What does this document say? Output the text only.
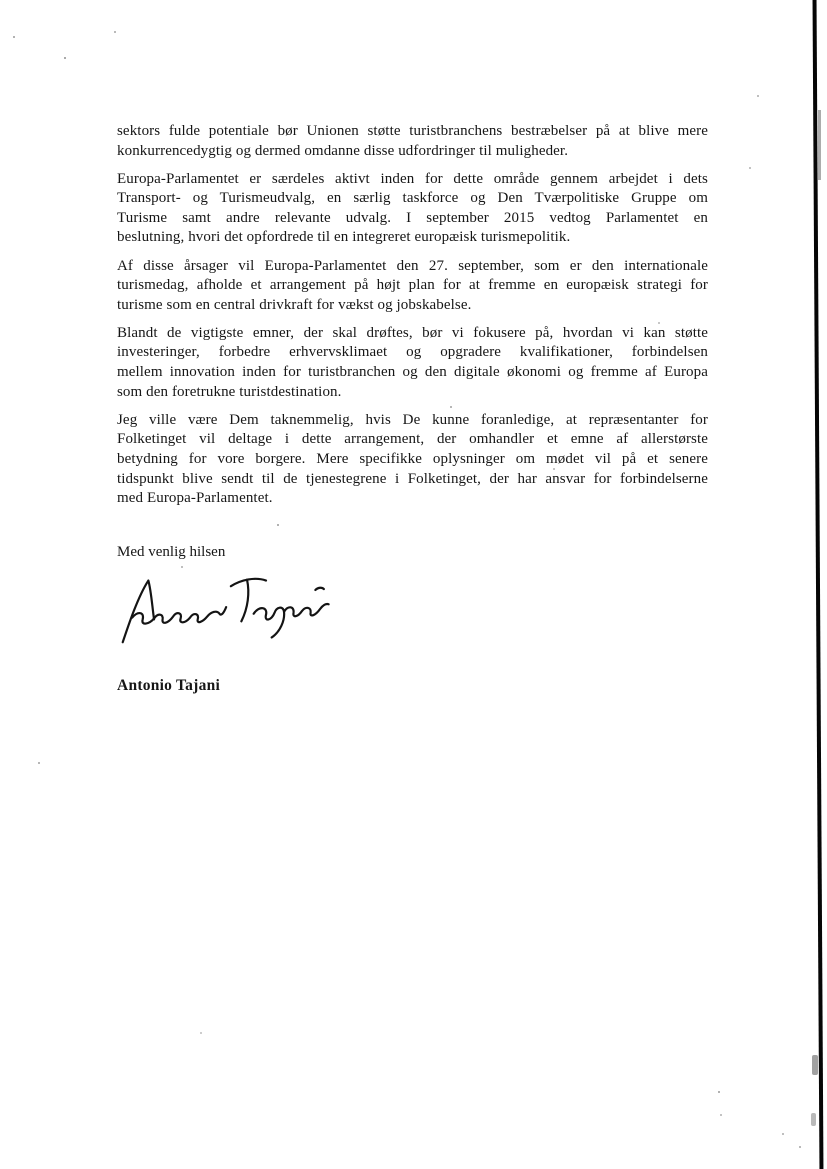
sektors fulde potentiale bør Unionen støtte turistbranchens bestræbelser på at blive mere
konkurrencedygtig og dermed omdanne disse udfordringer til muligheder.
Europa-Parlamentet er særdeles aktivt inden for dette område gennem arbejdet i dets
Transport- og Turismeudvalg, en særlig taskforce og Den Tværpolitiske Gruppe om
Turisme samt andre relevante udvalg. I september 2015 vedtog Parlamentet en
beslutning, hvori det opfordrede til en integreret europæisk turismepolitik.
Af disse årsager vil Europa-Parlamentet den 27. september, som er den internationale
turismedag, afholde et arrangement på højt plan for at fremme en europæisk strategi for
turisme som en central drivkraft for vækst og jobskabelse.
Blandt de vigtigste emner, der skal drøftes, bør vi fokusere på, hvordan vi kan støtte
investeringer, forbedre erhvervsklimaet og opgradere kvalifikationer, forbindelsen
mellem innovation inden for turistbranchen og den digitale økonomi og fremme af Europa
som den foretrukne turistdestination.
Jeg ville være Dem taknemmelig, hvis De kunne foranledige, at repræsentanter for
Folketinget vil deltage i dette arrangement, der omhandler et emne af allerstørste
betydning for vore borgere. Mere specifikke oplysninger om mødet vil på et senere
tidspunkt blive sendt til de tjenestegrene i Folketinget, der har ansvar for forbindelserne
med Europa-Parlamentet.

Med venlig hilsen

Antonio Tajani
